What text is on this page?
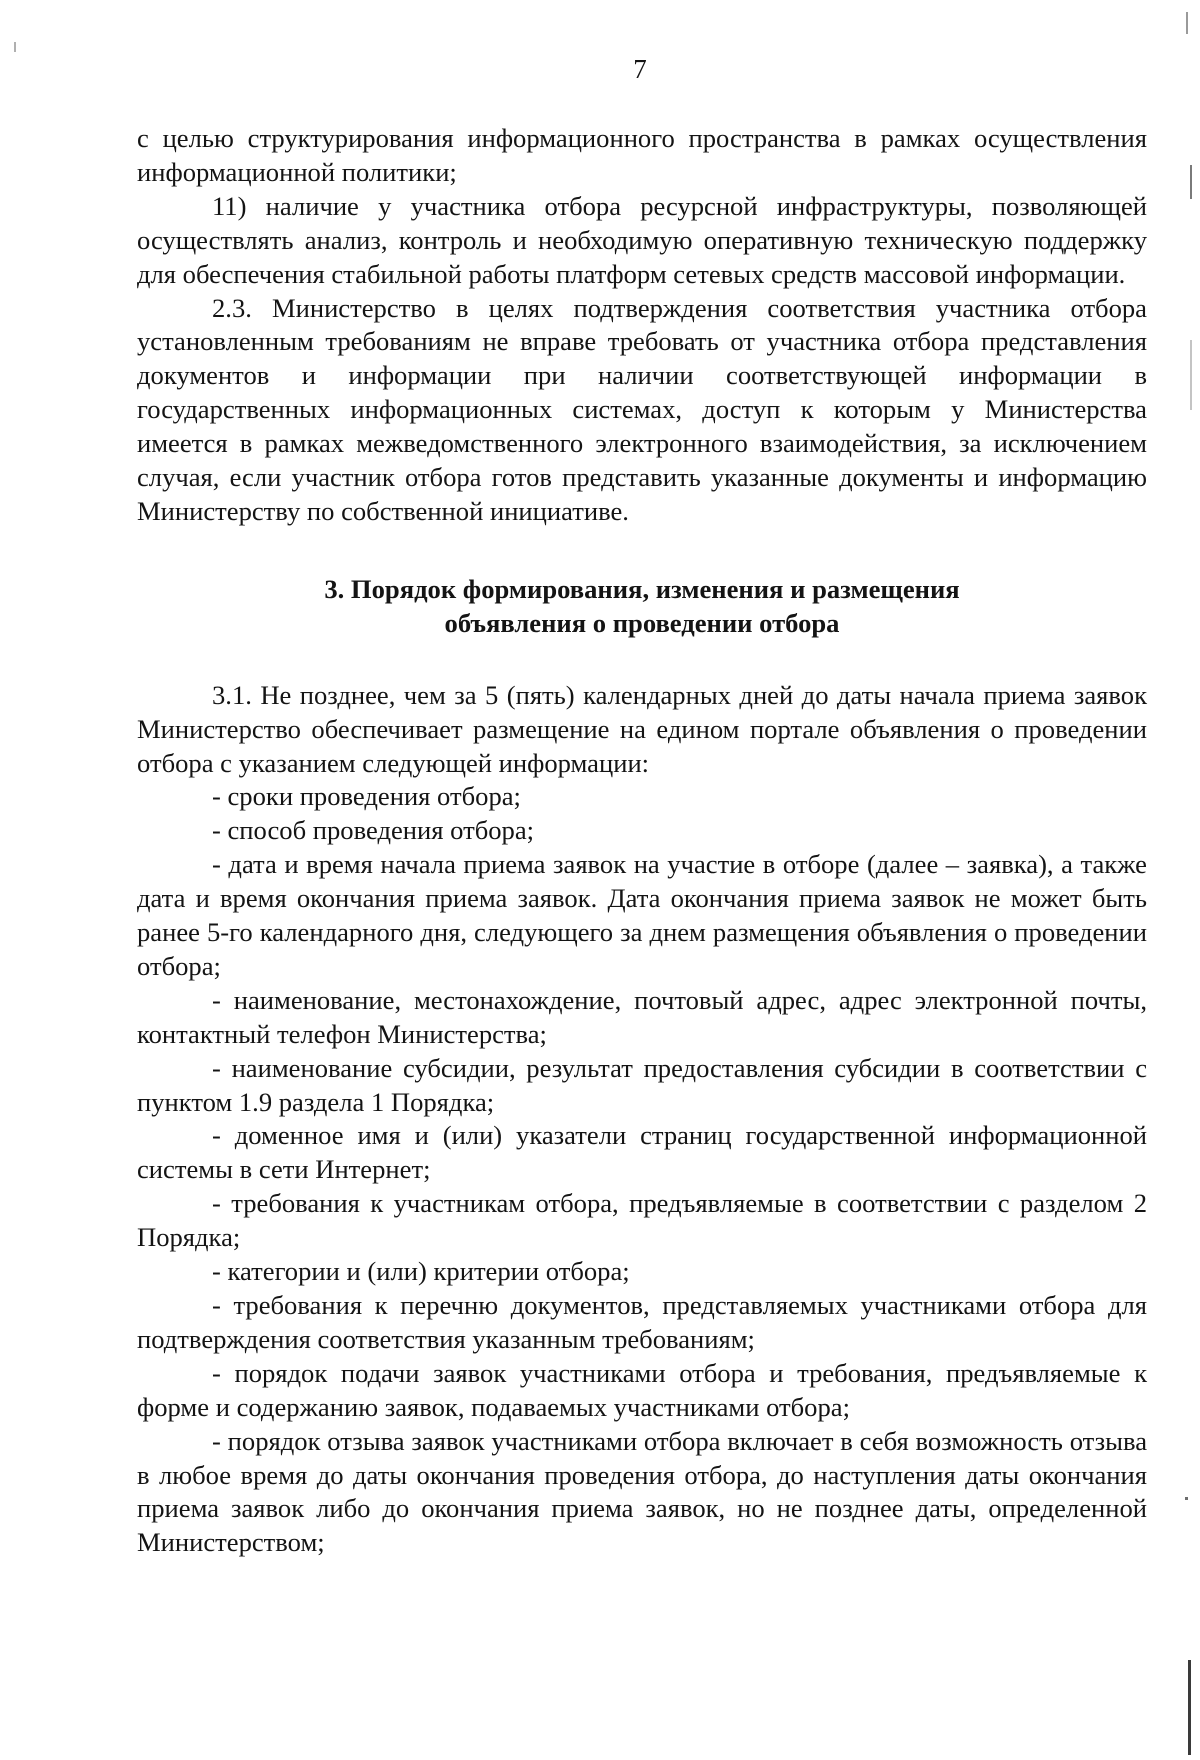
7

с целью структурирования информационного пространства в рамках осуществления информационной политики;

11) наличие у участника отбора ресурсной инфраструктуры, позволяющей осуществлять анализ, контроль и необходимую оперативную техническую поддержку для обеспечения стабильной работы платформ сетевых средств массовой информации.

2.3. Министерство в целях подтверждения соответствия участника отбора установленным требованиям не вправе требовать от участника отбора представления документов и информации при наличии соответствующей информации в государственных информационных системах, доступ к которым у Министерства имеется в рамках межведомственного электронного взаимодействия, за исключением случая, если участник отбора готов представить указанные документы и информацию Министерству по собственной инициативе.

3. Порядок формирования, изменения и размещения
объявления о проведении отбора

3.1. Не позднее, чем за 5 (пять) календарных дней до даты начала приема заявок Министерство обеспечивает размещение на едином портале объявления о проведении отбора с указанием следующей информации:

- сроки проведения отбора;

- способ проведения отбора;

- дата и время начала приема заявок на участие в отборе (далее – заявка), а также дата и время окончания приема заявок. Дата окончания приема заявок не может быть ранее 5-го календарного дня, следующего за днем размещения объявления о проведении отбора;

- наименование, местонахождение, почтовый адрес, адрес электронной почты, контактный телефон Министерства;

- наименование субсидии, результат предоставления субсидии в соответствии с пунктом 1.9 раздела 1 Порядка;

- доменное имя и (или) указатели страниц государственной информационной системы в сети Интернет;

- требования к участникам отбора, предъявляемые в соответствии с разделом 2 Порядка;

- категории и (или) критерии отбора;

- требования к перечню документов, представляемых участниками отбора для подтверждения соответствия указанным требованиям;

- порядок подачи заявок участниками отбора и требования, предъявляемые к форме и содержанию заявок, подаваемых участниками отбора;

- порядок отзыва заявок участниками отбора включает в себя возможность отзыва в любое время до даты окончания проведения отбора, до наступления даты окончания приема заявок либо до окончания приема заявок, но не позднее даты, определенной Министерством;
